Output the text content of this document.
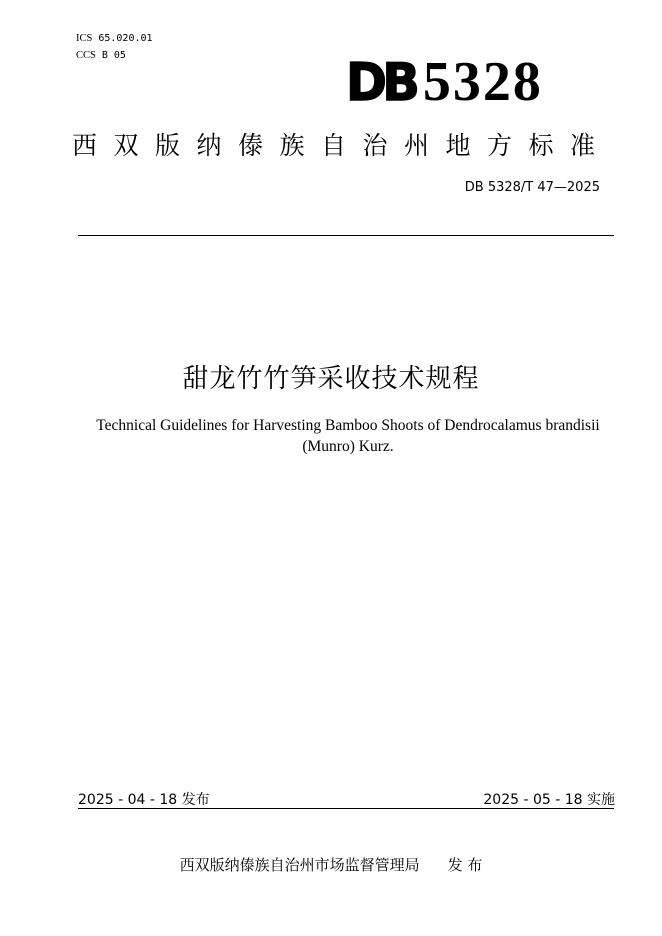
ICS 65.020.01
CCS B 05	DB 5328
西双版纳傣族自治州地方标准
DB 5328/T 47—2025
甜龙竹竹笋采收技术规程
Technical Guidelines for Harvesting Bamboo Shoots of Dendrocalamus brandisii
(Munro) Kurz.
2025 - 04 - 18 发布	2025 - 05 - 18 实施
西双版纳傣族自治州市场监督管理局 发 布
